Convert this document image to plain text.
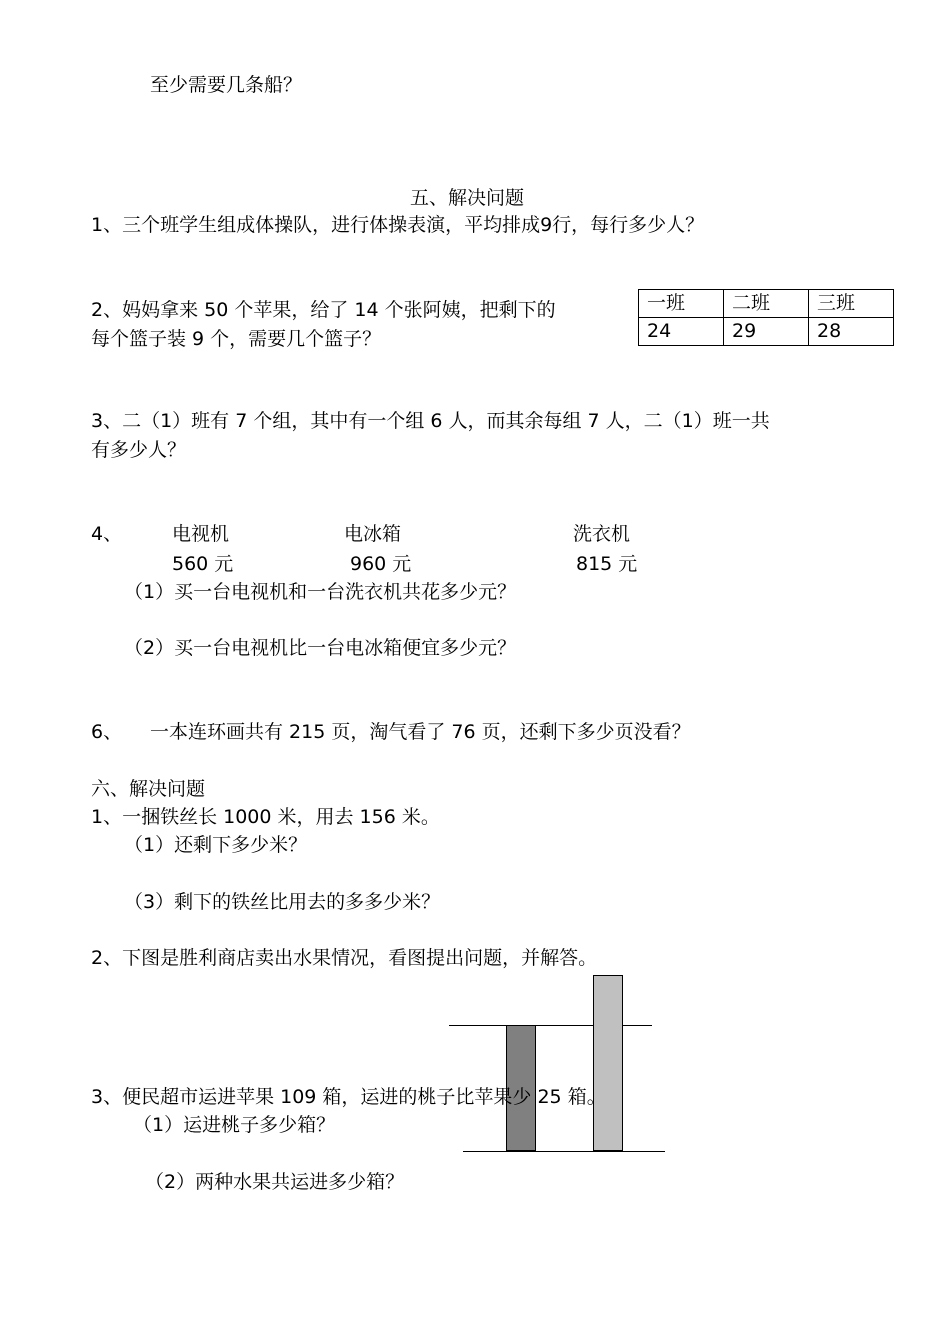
至少需要几条船？
五、解决问题
1、三个班学生组成体操队，进行体操表演，平均排成9行，每行多少人？
2、妈妈拿来 50 个苹果，给了 14 个张阿姨，把剩下的
每个篮子装 9 个，需要几个篮子？
一班	二班	三班
24	29	28
3、二（1）班有 7 个组，其中有一个组 6 人，而其余每组 7 人，二（1）班一共
有多少人？
4、	电视机	电冰箱	洗衣机
560 元	960 元	815 元
（1）买一台电视机和一台洗衣机共花多少元？
（2）买一台电视机比一台电冰箱便宜多少元？
6、 一本连环画共有 215 页，淘气看了 76 页，还剩下多少页没看？
六、解决问题
1、一捆铁丝长 1000 米，用去 156 米。
（1）还剩下多少米？
（3）剩下的铁丝比用去的多多少米？
2、下图是胜利商店卖出水果情况，看图提出问题，并解答。
3、便民超市运进苹果 109 箱，运进的桃子比苹果少 25 箱。
（1）运进桃子多少箱？
（2）两种水果共运进多少箱？
